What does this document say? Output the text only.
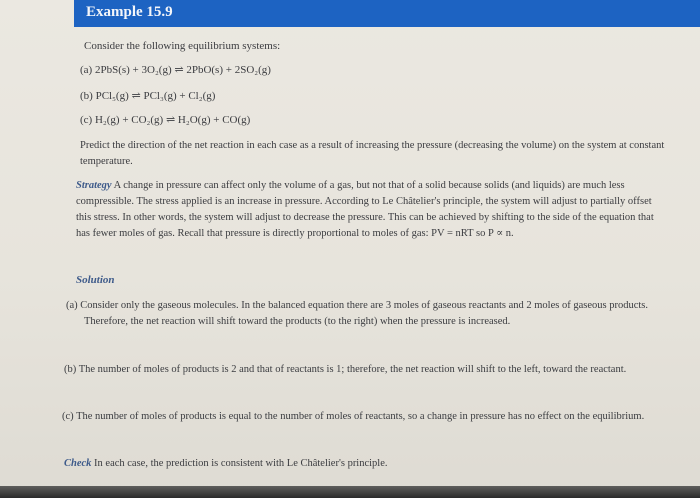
Example 15.9
Consider the following equilibrium systems:
(a) 2PbS(s) + 3O₂(g) ⇌ 2PbO(s) + 2SO₂(g)
(b) PCl₅(g) ⇌ PCl₃(g) + Cl₂(g)
(c) H₂(g) + CO₂(g) ⇌ H₂O(g) + CO(g)
Predict the direction of the net reaction in each case as a result of increasing the pressure (decreasing the volume) on the system at constant temperature.
Strategy A change in pressure can affect only the volume of a gas, but not that of a solid because solids (and liquids) are much less compressible. The stress applied is an increase in pressure. According to Le Châtelier's principle, the system will adjust to partially offset this stress. In other words, the system will adjust to decrease the pressure. This can be achieved by shifting to the side of the equation that has fewer moles of gas. Recall that pressure is directly proportional to moles of gas: PV = nRT so P ∝ n.
Solution
(a) Consider only the gaseous molecules. In the balanced equation there are 3 moles of gaseous reactants and 2 moles of gaseous products. Therefore, the net reaction will shift toward the products (to the right) when the pressure is increased.
(b) The number of moles of products is 2 and that of reactants is 1; therefore, the net reaction will shift to the left, toward the reactant.
(c) The number of moles of products is equal to the number of moles of reactants, so a change in pressure has no effect on the equilibrium.
Check In each case, the prediction is consistent with Le Châtelier's principle.
